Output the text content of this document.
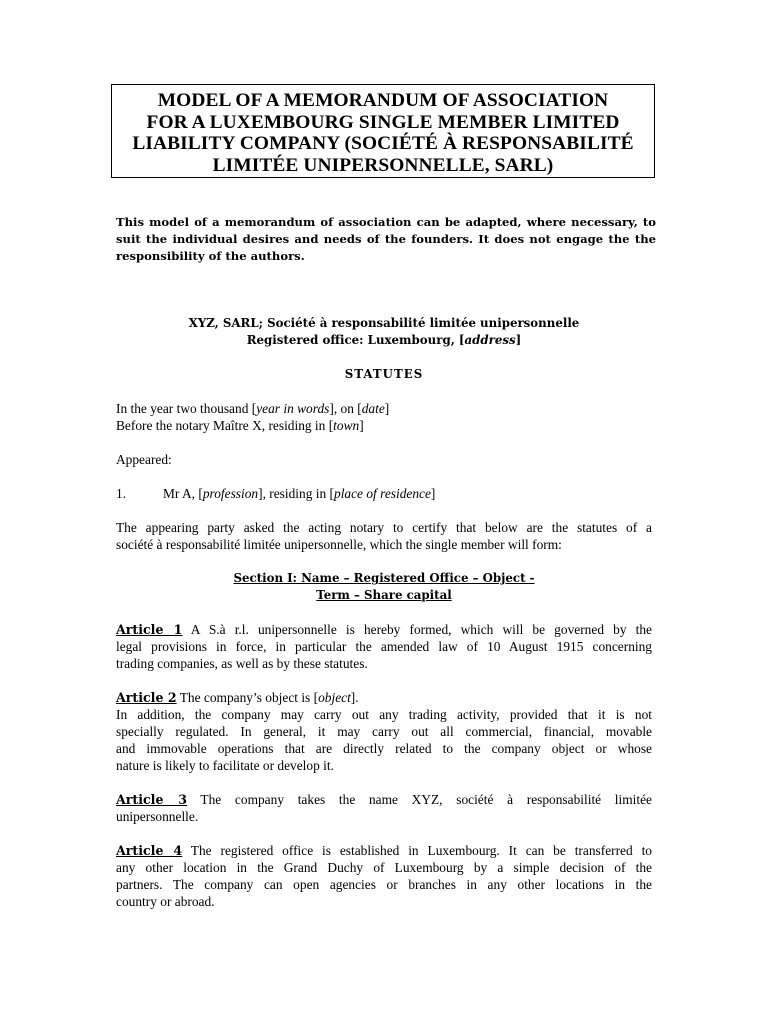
MODEL OF A MEMORANDUM OF ASSOCIATION
FOR A LUXEMBOURG SINGLE MEMBER LIMITED
LIABILITY COMPANY (SOCIÉTÉ À RESPONSABILITÉ
LIMITÉE UNIPERSONNELLE, SARL)
This model of a memorandum of association can be adapted, where necessary, to
suit the individual desires and needs of the founders. It does not engage the the
responsibility of the authors.
XYZ, SARL; Société à responsabilité limitée unipersonnelle
Registered office: Luxembourg, [address]
STATUTES
In the year two thousand [year in words], on [date]
Before the notary Maître X, residing in [town]
Appeared:
1.	Mr A, [profession], residing in [place of residence]
The appearing party asked the acting notary to certify that below are the statutes of a
société à responsabilité limitée unipersonnelle, which the single member will form:
Section I: Name – Registered Office – Object -
Term – Share capital
Article 1 A S.à r.l. unipersonnelle is hereby formed, which will be governed by the
legal provisions in force, in particular the amended law of 10 August 1915 concerning
trading companies, as well as by these statutes.
Article 2 The company’s object is [object].
In addition, the company may carry out any trading activity, provided that it is not
specially regulated. In general, it may carry out all commercial, financial, movable
and immovable operations that are directly related to the company object or whose
nature is likely to facilitate or develop it.
Article 3 The company takes the name XYZ, société à responsabilité limitée
unipersonnelle.
Article 4 The registered office is established in Luxembourg. It can be transferred to
any other location in the Grand Duchy of Luxembourg by a simple decision of the
partners. The company can open agencies or branches in any other locations in the
country or abroad.
